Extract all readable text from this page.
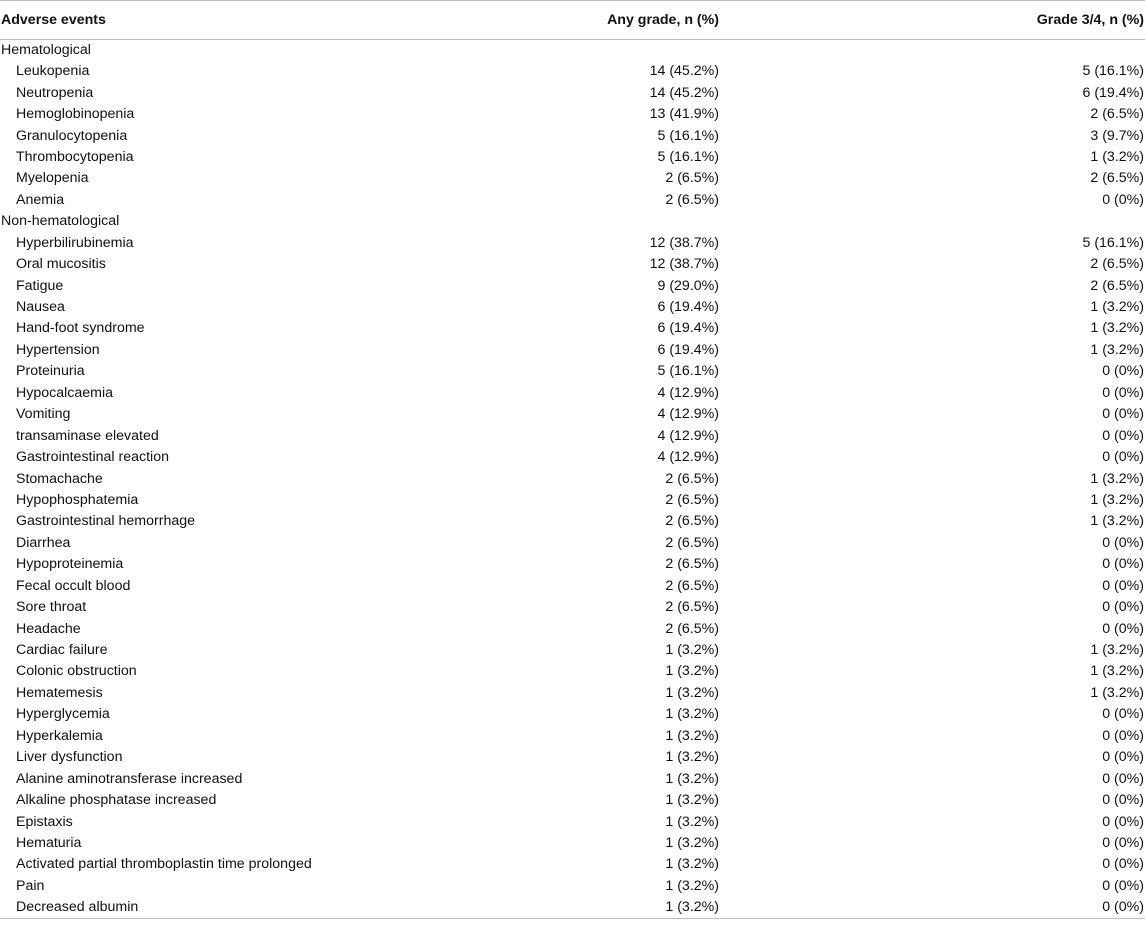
Adverse events	Any grade, n (%)	Grade 3/4, n (%)
Hematological		
Leukopenia	14 (45.2%)	5 (16.1%)
Neutropenia	14 (45.2%)	6 (19.4%)
Hemoglobinopenia	13 (41.9%)	2 (6.5%)
Granulocytopenia	5 (16.1%)	3 (9.7%)
Thrombocytopenia	5 (16.1%)	1 (3.2%)
Myelopenia	2 (6.5%)	2 (6.5%)
Anemia	2 (6.5%)	0 (0%)
Non-hematological		
Hyperbilirubinemia	12 (38.7%)	5 (16.1%)
Oral mucositis	12 (38.7%)	2 (6.5%)
Fatigue	9 (29.0%)	2 (6.5%)
Nausea	6 (19.4%)	1 (3.2%)
Hand-foot syndrome	6 (19.4%)	1 (3.2%)
Hypertension	6 (19.4%)	1 (3.2%)
Proteinuria	5 (16.1%)	0 (0%)
Hypocalcaemia	4 (12.9%)	0 (0%)
Vomiting	4 (12.9%)	0 (0%)
transaminase elevated	4 (12.9%)	0 (0%)
Gastrointestinal reaction	4 (12.9%)	0 (0%)
Stomachache	2 (6.5%)	1 (3.2%)
Hypophosphatemia	2 (6.5%)	1 (3.2%)
Gastrointestinal hemorrhage	2 (6.5%)	1 (3.2%)
Diarrhea	2 (6.5%)	0 (0%)
Hypoproteinemia	2 (6.5%)	0 (0%)
Fecal occult blood	2 (6.5%)	0 (0%)
Sore throat	2 (6.5%)	0 (0%)
Headache	2 (6.5%)	0 (0%)
Cardiac failure	1 (3.2%)	1 (3.2%)
Colonic obstruction	1 (3.2%)	1 (3.2%)
Hematemesis	1 (3.2%)	1 (3.2%)
Hyperglycemia	1 (3.2%)	0 (0%)
Hyperkalemia	1 (3.2%)	0 (0%)
Liver dysfunction	1 (3.2%)	0 (0%)
Alanine aminotransferase increased	1 (3.2%)	0 (0%)
Alkaline phosphatase increased	1 (3.2%)	0 (0%)
Epistaxis	1 (3.2%)	0 (0%)
Hematuria	1 (3.2%)	0 (0%)
Activated partial thromboplastin time prolonged	1 (3.2%)	0 (0%)
Pain	1 (3.2%)	0 (0%)
Decreased albumin	1 (3.2%)	0 (0%)
